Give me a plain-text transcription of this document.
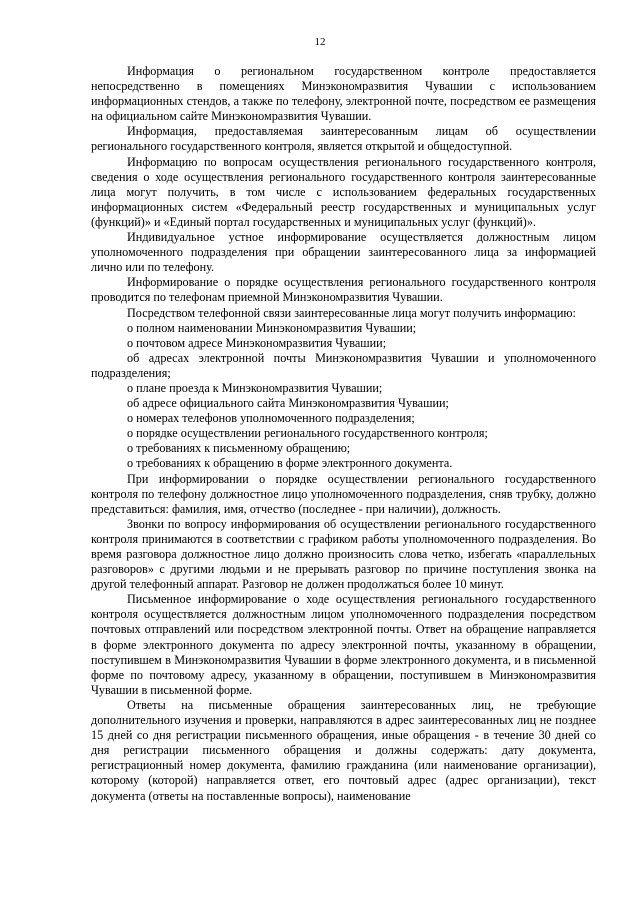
12

Информация о региональном государственном контроле предоставляется непосредственно в помещениях Минэкономразвития Чувашии с использованием информационных стендов, а также по телефону, электронной почте, посредством ее размещения на официальном сайте Минэкономразвития Чувашии.

Информация, предоставляемая заинтересованным лицам об осуществлении регионального государственного контроля, является открытой и общедоступной.

Информацию по вопросам осуществления регионального государственного контроля, сведения о ходе осуществления регионального государственного контроля заинтересованные лица могут получить, в том числе с использованием федеральных государственных информационных систем «Федеральный реестр государственных и муниципальных услуг (функций)» и «Единый портал государственных и муниципальных услуг (функций)».

Индивидуальное устное информирование осуществляется должностным лицом уполномоченного подразделения при обращении заинтересованного лица за информацией лично или по телефону.

Информирование о порядке осуществления регионального государственного контроля проводится по телефонам приемной Минэкономразвития Чувашии.

Посредством телефонной связи заинтересованные лица могут получить информацию:

о полном наименовании Минэкономразвития Чувашии;

о почтовом адресе Минэкономразвития Чувашии;

об адресах электронной почты Минэкономразвития Чувашии и уполномоченного подразделения;

о плане проезда к Минэкономразвития Чувашии;

об адресе официального сайта Минэкономразвития Чувашии;

о номерах телефонов уполномоченного подразделения;

о порядке осуществлении регионального государственного контроля;

о требованиях к письменному обращению;

о требованиях к обращению в форме электронного документа.

При информировании о порядке осуществлении регионального государственного контроля по телефону должностное лицо уполномоченного подразделения, сняв трубку, должно представиться: фамилия, имя, отчество (последнее - при наличии), должность.

Звонки по вопросу информирования об осуществлении регионального государственного контроля принимаются в соответствии с графиком работы уполномоченного подразделения. Во время разговора должностное лицо должно произносить слова четко, избегать «параллельных разговоров» с другими людьми и не прерывать разговор по причине поступления звонка на другой телефонный аппарат. Разговор не должен продолжаться более 10 минут.

Письменное информирование о ходе осуществления регионального государственного контроля осуществляется должностным лицом уполномоченного подразделения посредством почтовых отправлений или посредством электронной почты. Ответ на обращение направляется в форме электронного документа по адресу электронной почты, указанному в обращении, поступившем в Минэкономразвития Чувашии в форме электронного документа, и в письменной форме по почтовому адресу, указанному в обращении, поступившем в Минэкономразвития Чувашии в письменной форме.

Ответы на письменные обращения заинтересованных лиц, не требующие дополнительного изучения и проверки, направляются в адрес заинтересованных лиц не позднее 15 дней со дня регистрации письменного обращения, иные обращения - в течение 30 дней со дня регистрации письменного обращения и должны содержать: дату документа, регистрационный номер документа, фамилию гражданина (или наименование организации), которому (которой) направляется ответ, его почтовый адрес (адрес организации), текст документа (ответы на поставленные вопросы), наименование
